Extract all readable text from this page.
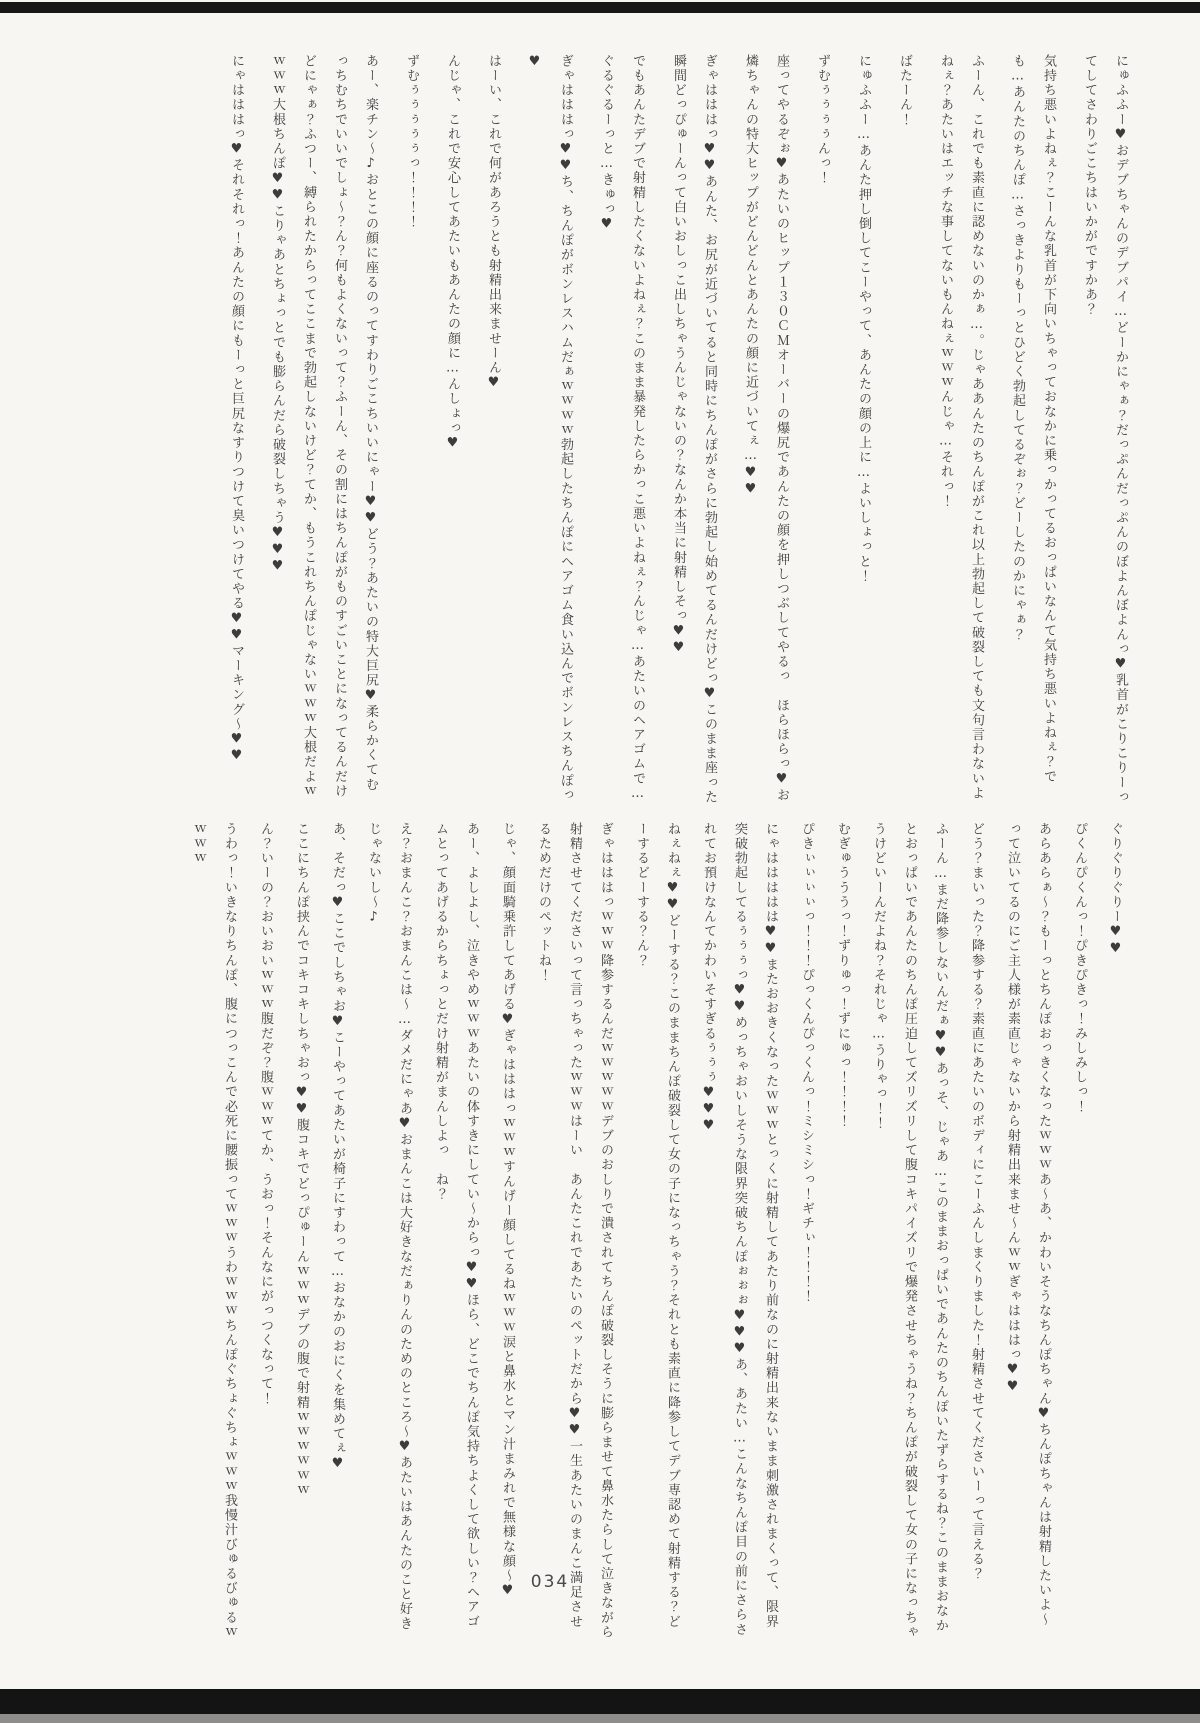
にゅふふー♥おデブちゃんのデブパイ…どーかにゃぁ？だっぷんだっぷんのぼよんぼよんっ♥乳首がこりこりーってしてさわりごこちはいかがですかあ？

気持ち悪いよねぇ？こーんな乳首が下向いちゃっておなかに乗っかってるおっぱいなんて気持ち悪いよねぇ？でも…あんたのちんぽ…さっきよりもーっとひどく勃起してるぞぉ？どーしたのかにゃぁ？

ふーん、これでも素直に認めないのかぁ…。じゃああんたのちんぽがこれ以上勃起して破裂しても文句言わないよねぇ？あたいはエッチな事してないもんねぇｗｗｗんじゃ…それっ！

ばたーん！

にゅふふー…あんた押し倒してこーやって、あんたの顔の上に…よいしょっと！

ずむぅぅぅぅんっ！

座ってやるぞぉ♥あたいのヒップ１３０ＣＭオーバーの爆尻であんたの顔を押しつぶしてやるっ　ほらほらっ♥お燐ちゃんの特大ヒップがどんどんとあんたの顔に近づいてぇ…♥♥

ぎゃはははっ♥♥あんた、お尻が近づいてると同時にちんぽがさらに勃起し始めてるんだけどっ♥このまま座った瞬間どっぴゅーんって白いおしっこ出しちゃうんじゃないの？なんか本当に射精しそっ♥♥

でもあんたデブで射精したくないよねぇ？このまま暴発したらかっこ悪いよねぇ？んじゃ…あたいのヘアゴムで…ぐるぐるーっと…きゅっ♥

ぎゃはははっ♥♥ち、ちんぽがボンレスハムだぁｗｗｗｗ勃起したちんぽにヘアゴム食い込んでボンレスちんぽっ♥

はーい、これで何があろうとも射精出来ませーん♥

んじゃ、これで安心してあたいもあんたの顔に…んしょっ♥

ずむぅぅぅぅぅっ！！！！

あー、楽チン〜♪おとこの顔に座るのってすわりごこちいいにゃー♥♥どう？あたいの特大巨尻♥柔らかくてむっちむちでいいでしょ〜？ん？何もよくないって？ふーん、その割にはちんぽがものすごいことになってるんだけどにゃぁ？ふつー、縛られたからってここまで勃起しないけど？てか、もうこれちんぽじゃないｗｗｗ大根だよｗｗｗｗ大根ちんぽ♥♥こりゃあとちょっとでも膨らんだら破裂しちゃう♥♥♥

にゃはははっ♥それそれっ！あんたの顔にもーっと巨尻なすりつけて臭いつけてやる♥♥マーキング〜♥♥

ぐりぐりぐりー♥♥

ぴくんぴくんっ！ぴきぴきっ！みしみしっ！

あらあらぁ〜？もーっとちんぽおっきくなったｗｗｗあ〜あ、かわいそうなちんぽちゃん♥ちんぽちゃんは射精したいよ〜って泣いてるのにご主人様が素直じゃないから射精出来ませ〜んｗｗぎゃはははっ♥♥

どう？まいった？降参する？素直にあたいのボディにこーふんしまくりました！射精させてくださいーって言える？

ふーん…まだ降参しないんだぁ♥♥あっそ、じゃあ…このままおっぱいであんたのちんぽいたずらするね？このままおなかとおっぱいであんたのちんぽ圧迫してズリズリして腹コキパイズリで爆発させちゃうね？ちんぽが破裂して女の子になっちゃうけどいーんだよね？それじゃ…うりゃっ！！

むぎゅうううっ！ずりゅっ！ずにゅっ！！！！

ぴきぃぃぃぃっ！！！ぴっくんぴっくんっ！ミシミシっ！ギチぃ！！！！

にゃははははは♥♥またおおきくなったｗｗｗとっくに射精してあたり前なのに射精出来ないまま刺激されまくって、限界突破勃起してるぅぅぅっ♥♥めっちゃおいしそうな限界突破ちんぽぉぉぉ♥♥♥あ、あたい…こんなちんぽ目の前にさらされてお預けなんてかわいそすぎるぅぅぅ♥♥♥

ねぇねぇ♥♥どーする？このままちんぽ破裂して女の子になっちゃう？それとも素直に降参してデブ専認めて射精する？どーするどーする？ん？

ぎゃはははっｗｗｗ降参するんだｗｗｗｗｗデブのおしりで潰されてちんぽ破裂しそうに膨らませて鼻水たらして泣きながら射精させてくださいって言っちゃったｗｗｗはーい　あんたこれであたいのペットだから♥♥一生あたいのまんこ満足させるためだけのペットね！

じゃ、顔面騎乗許してあげる♥ぎゃはははっｗｗｗすんげー顔してるねｗｗｗ涙と鼻水とマン汁まみれで無様な顔〜♥

あー、よしよし、泣きやめｗｗｗあたいの体すきにしてい〜からっ♥♥ほら、どこでちんぽ気持ちよくして欲しい？ヘアゴムとってあげるからちょっとだけ射精がまんしよっ　ね？

え？おまんこ？おまんこは〜…ダメだにゃあ♥おまんこは大好きなだぁりんのためのところ〜♥あたいはあんたのこと好きじゃないし〜♪

あ、そだっ♥ここでしちゃお♥こーやってあたいが椅子にすわって…おなかのおにくを集めてぇ♥

ここにちんぽ挟んでコキコキしちゃおっ♥♥腹コキでどっぴゅーんｗｗｗデブの腹で射精ｗｗｗｗｗｗ

ん？いーの？おいおいｗｗｗ腹だぞ？腹ｗｗｗてか、うおっ！そんなにがっつくなって！

うわっ！いきなりちんぽ、腹につっこんで必死に腰振ってｗｗｗうわｗｗｗちんぽぐちょぐちょｗｗｗ我慢汁びゅるびゅるｗｗｗｗ

034
